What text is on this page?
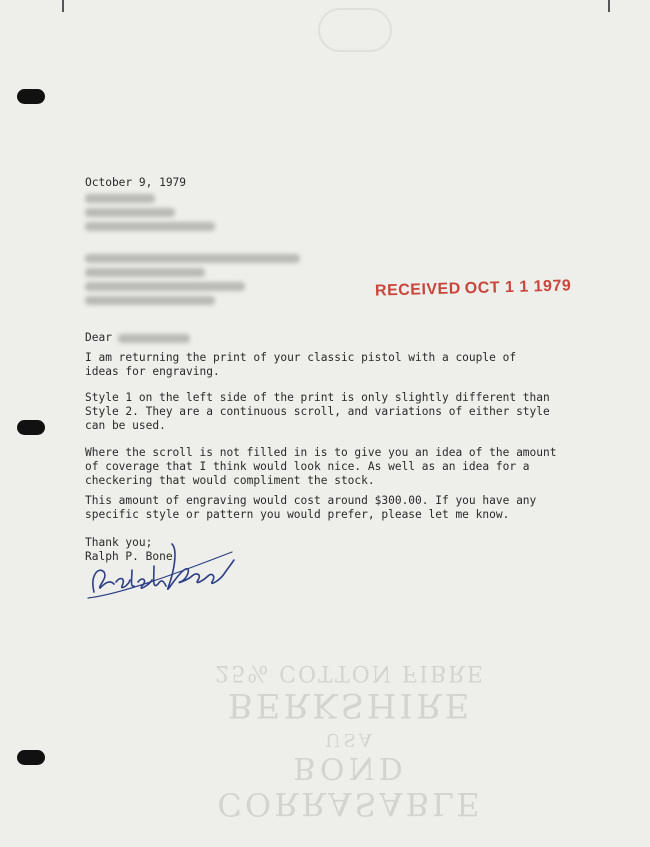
CORRASABLE
BOND
USA
BERKSHIRE
25% COTTON FIBRE
October 9, 1979
RECEIVED OCT 1 1 1979
Dear
I am returning the print of your classic pistol with a couple of
ideas for engraving.
Style 1 on the left side of the print is only slightly different than
Style 2. They are a continuous scroll, and variations of either style
can be used.
Where the scroll is not filled in is to give you an idea of the amount
of coverage that I think would look nice. As well as an idea for a
checkering that would compliment the stock.
This amount of engraving would cost around $300.00. If you have any
specific style or pattern you would prefer, please let me know.
Thank you;
Ralph P. Bone
